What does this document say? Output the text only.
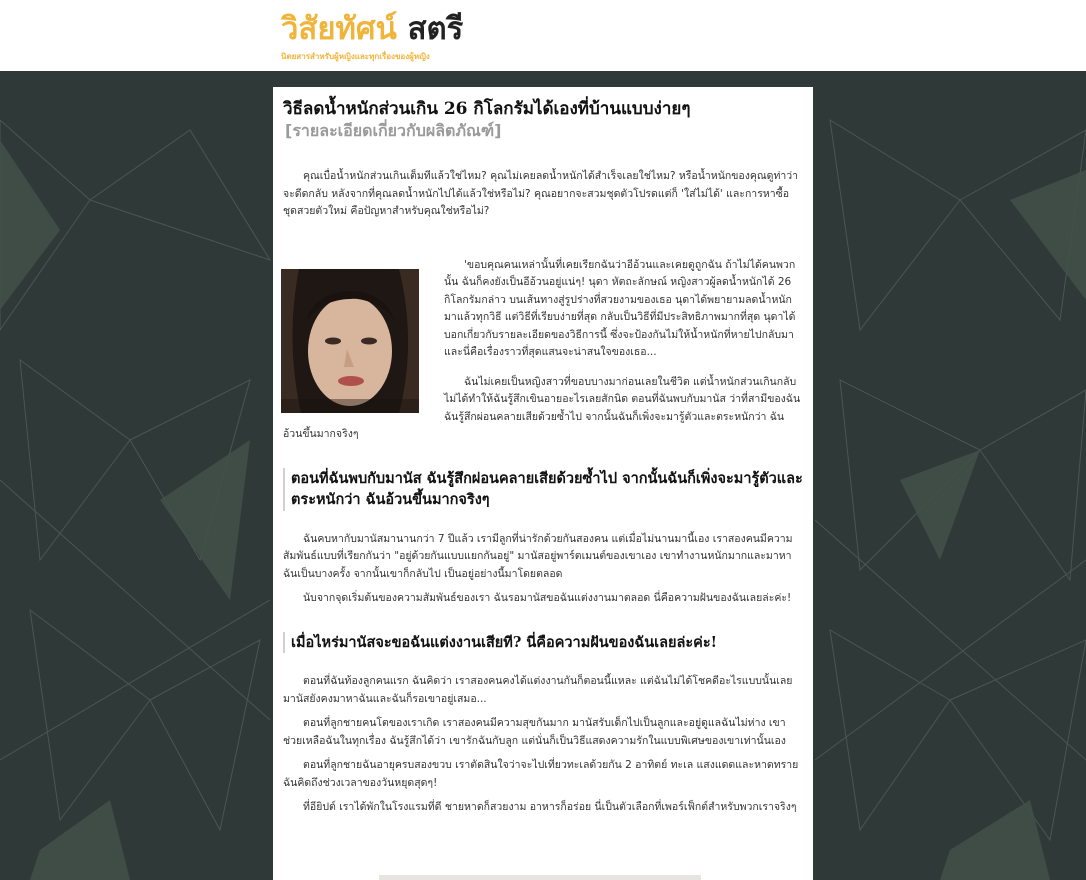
วิสัยทัศน์ สตรี
นิตยสารสำหรับผู้หญิงและทุกเรื่องของผู้หญิง
วิธีลดน้ำหนักส่วนเกิน 26 กิโลกรัมได้เองที่บ้านแบบง่ายๆ
[รายละเอียดเกี่ยวกับผลิตภัณฑ์]

คุณเบื่อน้ำหนักส่วนเกินเต็มทีแล้วใช่ไหม? คุณไม่เคยลดน้ำหนักได้สำเร็จเลยใช่ไหม? หรือน้ำหนักของคุณดูท่าว่าจะดีดกลับ หลังจากที่คุณลดน้ำหนักไปได้แล้วใช่หรือไม่? คุณอยากจะสวมชุดตัวโปรดแต่ก็ 'ใส่ไม่ได้' และการหาซื้อชุดสวยตัวใหม่ คือปัญหาสำหรับคุณใช่หรือไม่?

'ขอบคุณคนเหล่านั้นที่เคยเรียกฉันว่าอีอ้วนและเคยดูถูกฉัน ถ้าไม่ได้คนพวกนั้น ฉันก็คงยังเป็นอีอ้วนอยู่แน่ๆ! นุดา หัตถะลักษณ์ หญิงสาวผู้ลดน้ำหนักได้ 26 กิโลกรัมกล่าว บนเส้นทางสู่รูปร่างที่สวยงามของเธอ นุดาได้พยายามลดน้ำหนักมาแล้วทุกวิธี แต่วิธีที่เรียบง่ายที่สุด กลับเป็นวิธีที่มีประสิทธิภาพมากที่สุด นุดาได้บอกเกี่ยวกับรายละเอียดของวิธีการนี้ ซึ่งจะป้องกันไม่ให้น้ำหนักที่หายไปกลับมา และนี่คือเรื่องราวที่สุดแสนจะน่าสนใจของเธอ...

ฉันไม่เคยเป็นหญิงสาวที่ขอบบางมาก่อนเลยในชีวิต แต่น้ำหนักส่วนเกินกลับไม่ได้ทำให้ฉันรู้สึกเขินอายอะไรเลยสักนิด ตอนที่ฉันพบกับมานัส ว่าที่สามีของฉัน ฉันรู้สึกผ่อนคลายเสียด้วยซ้ำไป จากนั้นฉันก็เพิ่งจะมารู้ตัวและตระหนักว่า ฉันอ้วนขึ้นมากจริงๆ

ตอนที่ฉันพบกับมานัส ฉันรู้สึกผ่อนคลายเสียด้วยซ้ำไป จากนั้นฉันก็เพิ่งจะมารู้ตัวและตระหนักว่า ฉันอ้วนขึ้นมากจริงๆ

ฉันคบหากับมานัสมานานกว่า 7 ปีแล้ว เรามีลูกที่น่ารักด้วยกันสองคน แต่เมื่อไม่นานมานี้เอง เราสองคนมีความสัมพันธ์แบบที่เรียกกันว่า "อยู่ด้วยกันแบบแยกกันอยู่" มานัสอยู่พาร์ตเมนต์ของเขาเอง เขาทำงานหนักมากและมาหาฉันเป็นบางครั้ง จากนั้นเขาก็กลับไป เป็นอยู่อย่างนี้มาโดยตลอด

นับจากจุดเริ่มต้นของความสัมพันธ์ของเรา ฉันรอมานัสขอฉันแต่งงานมาตลอด นี่คือความฝันของฉันเลยล่ะค่ะ!

เมื่อไหร่มานัสจะขอฉันแต่งงานเสียที? นี่คือความฝันของฉันเลยล่ะค่ะ!

ตอนที่ฉันท้องลูกคนแรก ฉันคิดว่า เราสองคนคงได้แต่งงานกันก็ตอนนี้แหละ แต่ฉันไม่ได้โชคดีอะไรแบบนั้นเลย มานัสยังคงมาหาฉันและฉันก็รอเขาอยู่เสมอ...

ตอนที่ลูกชายคนโตของเราเกิด เราสองคนมีความสุขกันมาก มานัสรับเด็กไปเป็นลูกและอยู่ดูแลฉันไม่ห่าง เขาช่วยเหลือฉันในทุกเรื่อง ฉันรู้สึกได้ว่า เขารักฉันกับลูก แต่นั่นก็เป็นวิธีแสดงความรักในแบบพิเศษของเขาเท่านั้นเอง

ตอนที่ลูกชายฉันอายุครบสองขวบ เราตัดสินใจว่าจะไปเที่ยวทะเลด้วยกัน 2 อาทิตย์ ทะเล แสงแดดและหาดทราย ฉันคิดถึงช่วงเวลาของวันหยุดสุดๆ!

ที่อียิปต์ เราได้พักในโรงแรมที่ดี ชายหาดก็สวยงาม อาหารก็อร่อย นี่เป็นตัวเลือกที่เพอร์เฟ็กต์สำหรับพวกเราจริงๆ
